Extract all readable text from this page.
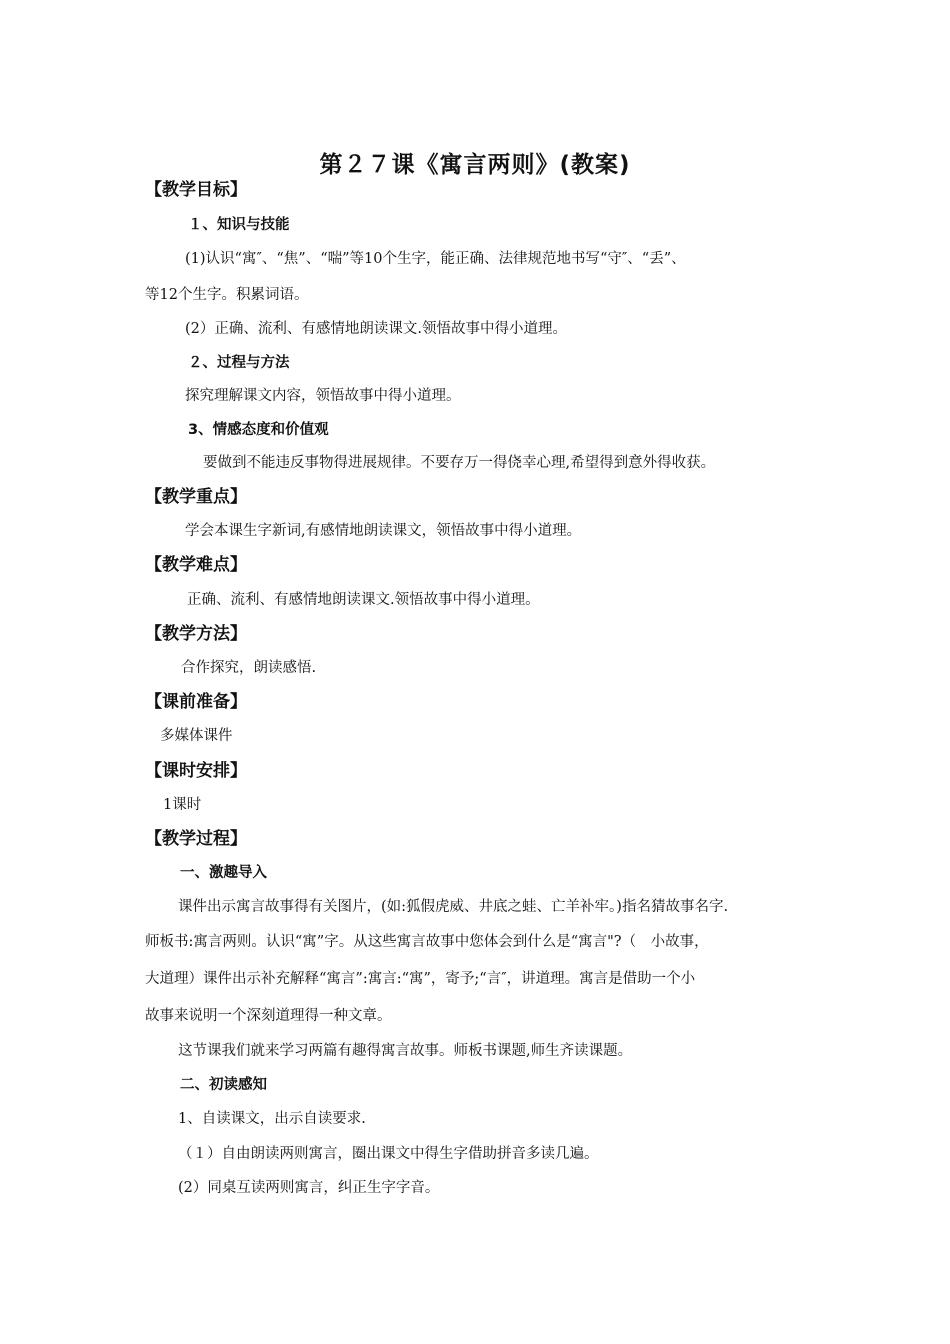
第２７课《寓言两则》(教案)
【教学目标】
１、知识与技能

(1)认识“寓″、“焦”、“喘”等10个生字，能正确、法律规范地书写“守″、“丢”、

等12个生字。积累词语。

(2）正确、流利、有感情地朗读课文.领悟故事中得小道理。

２、过程与方法

探究理解课文内容，领悟故事中得小道理。

3、情感态度和价值观

要做到不能违反事物得进展规律。不要存万一得侥幸心理,希望得到意外得收获。

【教学重点】

学会本课生字新词,有感情地朗读课文，领悟故事中得小道理。

【教学难点】

正确、流利、有感情地朗读课文.领悟故事中得小道理。

【教学方法】

合作探究，朗读感悟.

【课前准备】

多媒体课件

【课时安排】

1课时

【教学过程】
一、激趣导入

课件出示寓言故事得有关图片，(如:狐假虎威、井底之蛙、亡羊补牢。)指名猜故事名字.

师板书:寓言两则。认识“寓”字。从这些寓言故事中您体会到什么是“寓言"?（　小故事，

大道理）课件出示补充解释“寓言”:寓言:“寓”，寄予;“言″，讲道理。寓言是借助一个小

故事来说明一个深刻道理得一种文章。

这节课我们就来学习两篇有趣得寓言故事。师板书课题,师生齐读课题。

二、初读感知

1、自读课文，出示自读要求.

（１）自由朗读两则寓言，圈出课文中得生字借助拼音多读几遍。

(2）同桌互读两则寓言，纠正生字字音。
